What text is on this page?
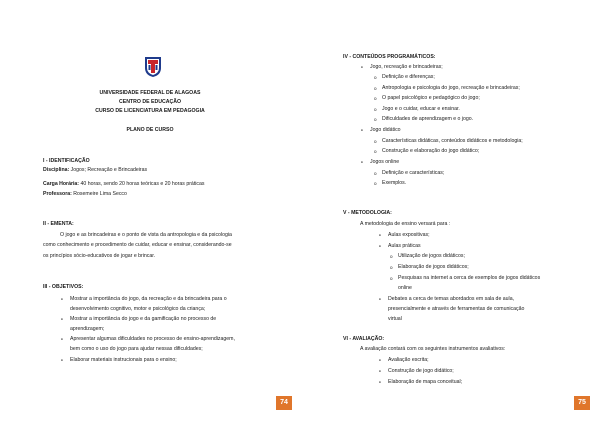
UNIVERSIDADE FEDERAL DE ALAGOAS
CENTRO DE EDUCAÇÃO
CURSO DE LICENCIATURA EM PEDAGOGIA
PLANO DE CURSO
I - IDENTIFICAÇÃO
Disciplina: Jogos; Recreação e Brincadeiras
Carga Horária: 40 horas, sendo 20 horas teóricas e 20 horas práticas
Professora: Rosemeire Lima Secco
II - EMENTA:
O jogo e as brincadeiras e o ponto de vista da antropologia e da psicologia
como conhecimento e procedimento de cuidar, educar e ensinar, considerando-se
os princípios sócio-educativos de jogar e brincar.
III - OBJETIVOS:
● Mostrar a importância do jogo, da recreação e da brincadeira para o
desenvolvimento cognitivo, motor e psicológico da criança;
● Mostrar a importância do jogo e da gamificação no processo de
aprendizagem;
● Apresentar algumas dificuldades no processo de ensino-aprendizagem,
bem como o uso do jogo para ajudar nessas dificuldades;
● Elaborar materiais instrucionais para o ensino;
74
IV - CONTEÚDOS PROGRAMÁTICOS:
● Jogo, recreação e brincadeiras;
o Definição e diferenças;
o Antropologia e psicologia do jogo, recreação e brincadeiras;
o O papel psicológico e pedagógico do jogo;
o Jogo e o cuidar, educar e ensinar.
o Dificuldades de aprendizagem e o jogo.
● Jogo didático
o Características didáticas, conteúdos didáticos e metodologia;
o Construção e elaboração do jogo didático;
● Jogos online
o Definição e características;
o Exemplos.
V - METODOLOGIA:
A metodologia de ensino versará para :
● Aulas expositivas;
● Aulas práticas
o Utilização de jogos didáticos;
o Elaboração de jogos didáticos;
o Pesquisas na internet a cerca de exemplos de jogos didáticos
online
● Debates a cerca de temas abordados em sala de aula,
presencialmente e através de ferramentas de comunicação
virtual
VI - AVALIAÇÃO:
A avaliação contará com os seguintes instrumentos avaliativos:
● Avaliação escrita;
● Construção de jogo didático;
● Elaboração de mapa conceitual;
75
